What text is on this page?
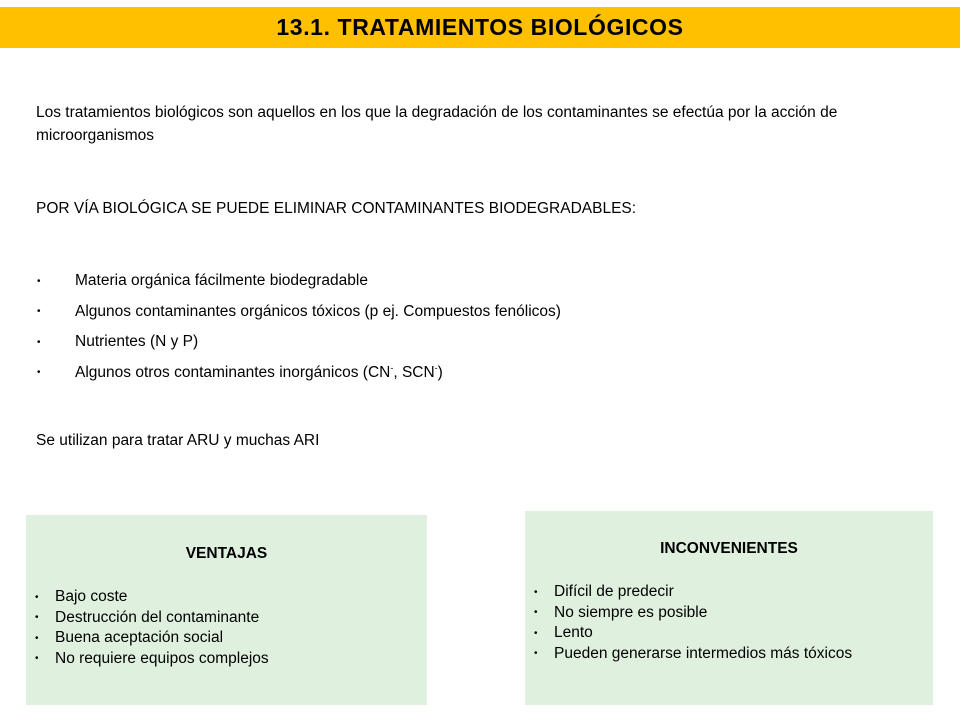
13.1. TRATAMIENTOS BIOLÓGICOS

Los tratamientos biológicos son aquellos en los que la degradación de los contaminantes se efectúa por la acción de microorganismos

POR VÍA BIOLÓGICA SE PUEDE ELIMINAR CONTAMINANTES BIODEGRADABLES:

•	Materia orgánica fácilmente biodegradable
•	Algunos contaminantes orgánicos tóxicos (p ej. Compuestos fenólicos)
•	Nutrientes (N y P)
•	Algunos otros contaminantes inorgánicos (CN-, SCN-)

Se utilizan para tratar ARU y muchas ARI

VENTAJAS
•	Bajo coste
•	Destrucción del contaminante
•	Buena aceptación social
•	No requiere equipos complejos
INCONVENIENTES
•	Difícil de predecir
•	No siempre es posible
•	Lento
•	Pueden generarse intermedios más tóxicos
